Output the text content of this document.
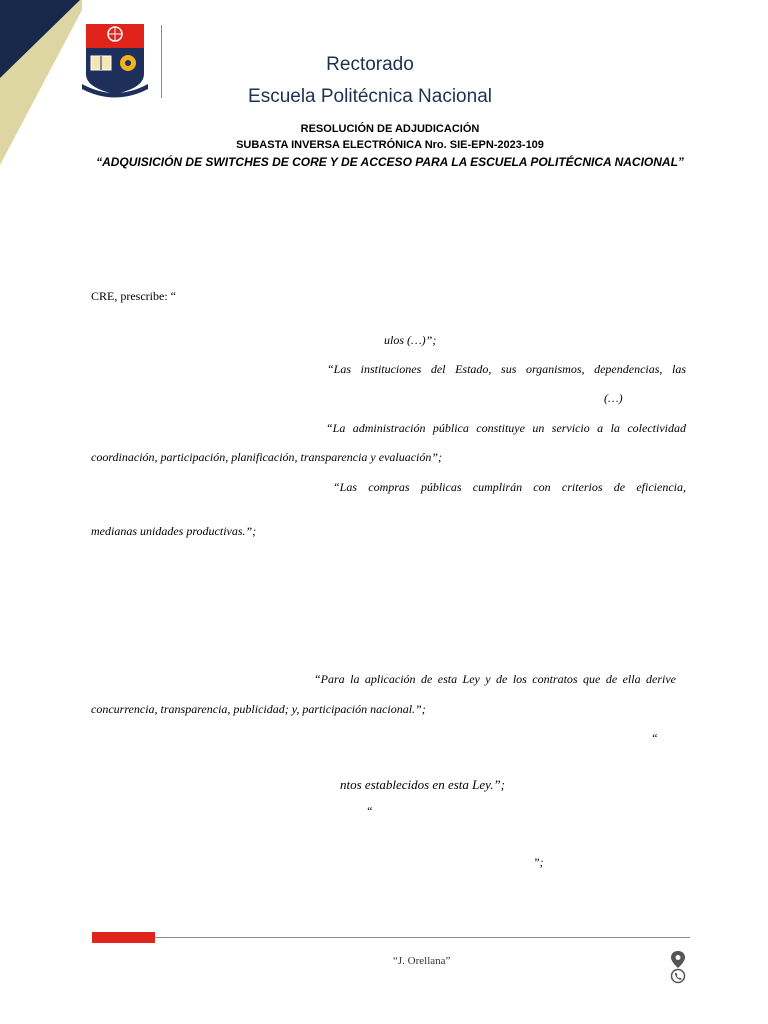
Rectorado
Escuela Politécnica Nacional
RESOLUCIÓN DE ADJUDICACIÓN
SUBASTA INVERSA ELECTRÓNICA Nro. SIE-EPN-2023-109
“ADQUISICIÓN DE SWITCHES DE CORE Y DE ACCESO PARA LA ESCUELA POLITÉCNICA NACIONAL”
CRE, prescribe: “
ulos (…)”;
“Las instituciones del Estado, sus organismos, dependencias, las
(…)
“La administración pública constituye un servicio a la colectividad
coordinación, participación, planificación, transparencia y evaluación”;
“Las compras públicas cumplirán con criterios de eficiencia,
medianas unidades productivas.”;
“Para la aplicación de esta Ley y de los contratos que de ella derive
concurrencia, transparencia, publicidad; y, participación nacional.”;
“
ntos establecidos en esta Ley.”;
“
”;
“J. Orellana”
